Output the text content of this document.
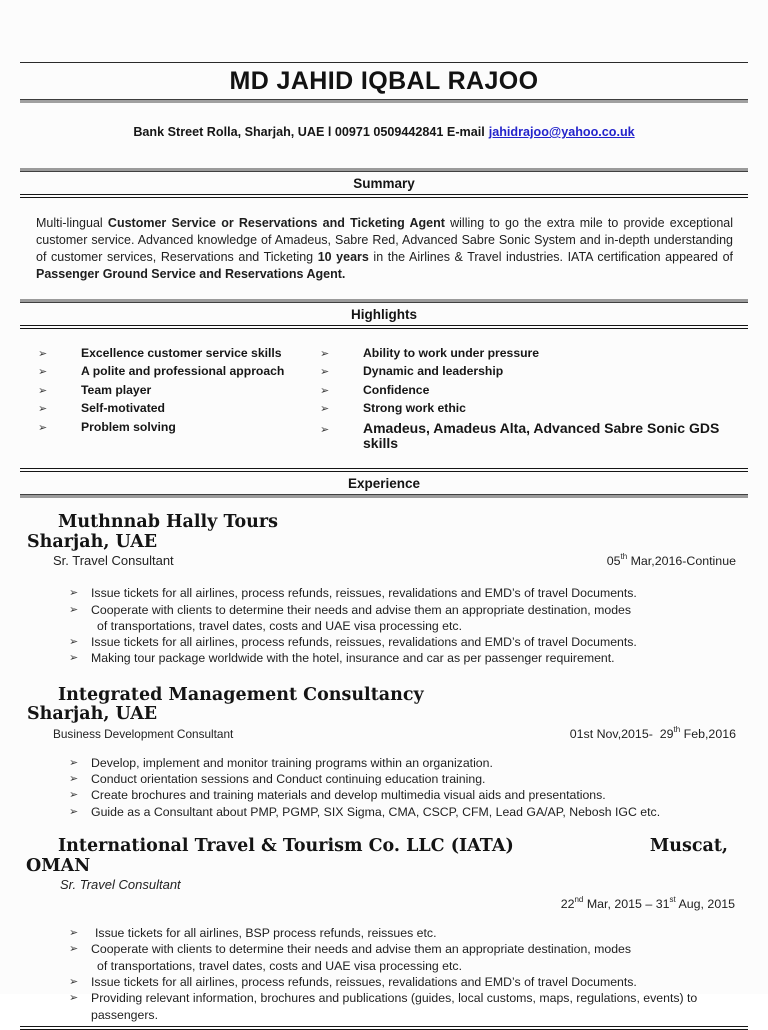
MD JAHID IQBAL RAJOO
Bank Street Rolla, Sharjah, UAE l 00971 0509442841 E-mail jahidrajoo@yahoo.co.uk
Summary
Multi-lingual Customer Service or Reservations and Ticketing Agent willing to go the extra mile to provide exceptional customer service. Advanced knowledge of Amadeus, Sabre Red, Advanced Sabre Sonic System and in-depth understanding of customer services, Reservations and Ticketing 10 years in the Airlines & Travel industries. IATA certification appeared of Passenger Ground Service and Reservations Agent.
Highlights
➢	Excellence customer service skills
➢	A polite and professional approach
➢	Team player
➢	Self-motivated
➢	Problem solving
➢	Ability to work under pressure
➢	Dynamic and leadership
➢	Confidence
➢	Strong work ethic
➢	Amadeus, Amadeus Alta, Advanced Sabre Sonic GDS skills
Experience
Muthnnab Hally Tours
Sharjah, UAE
Sr. Travel Consultant	05th Mar,2016-Continue
➢	Issue tickets for all airlines, process refunds, reissues, revalidations and EMD’s of travel Documents.
➢	Cooperate with clients to determine their needs and advise them an appropriate destination, modes
of transportations, travel dates, costs and UAE visa processing etc.
➢	Issue tickets for all airlines, process refunds, reissues, revalidations and EMD’s of travel Documents.
➢	Making tour package worldwide with the hotel, insurance and car as per passenger requirement.
Integrated Management Consultancy
Sharjah, UAE
Business Development Consultant	01st Nov,2015-  29th Feb,2016
➢	Develop, implement and monitor training programs within an organization.
➢	Conduct orientation sessions and Conduct continuing education training.
➢	Create brochures and training materials and develop multimedia visual aids and presentations.
➢	Guide as a Consultant about PMP, PGMP, SIX Sigma, CMA, CSCP, CFM, Lead GA/AP, Nebosh IGC etc.
International Travel & Tourism Co. LLC (IATA)	Muscat,
OMAN
Sr. Travel Consultant
22nd Mar, 2015 – 31st Aug, 2015
➢	Issue tickets for all airlines, BSP process refunds, reissues etc.
➢	Cooperate with clients to determine their needs and advise them an appropriate destination, modes
of transportations, travel dates, costs and UAE visa processing etc.
➢	Issue tickets for all airlines, process refunds, reissues, revalidations and EMD’s of travel Documents.
➢	Providing relevant information, brochures and publications (guides, local customs, maps, regulations, events) to passengers.
